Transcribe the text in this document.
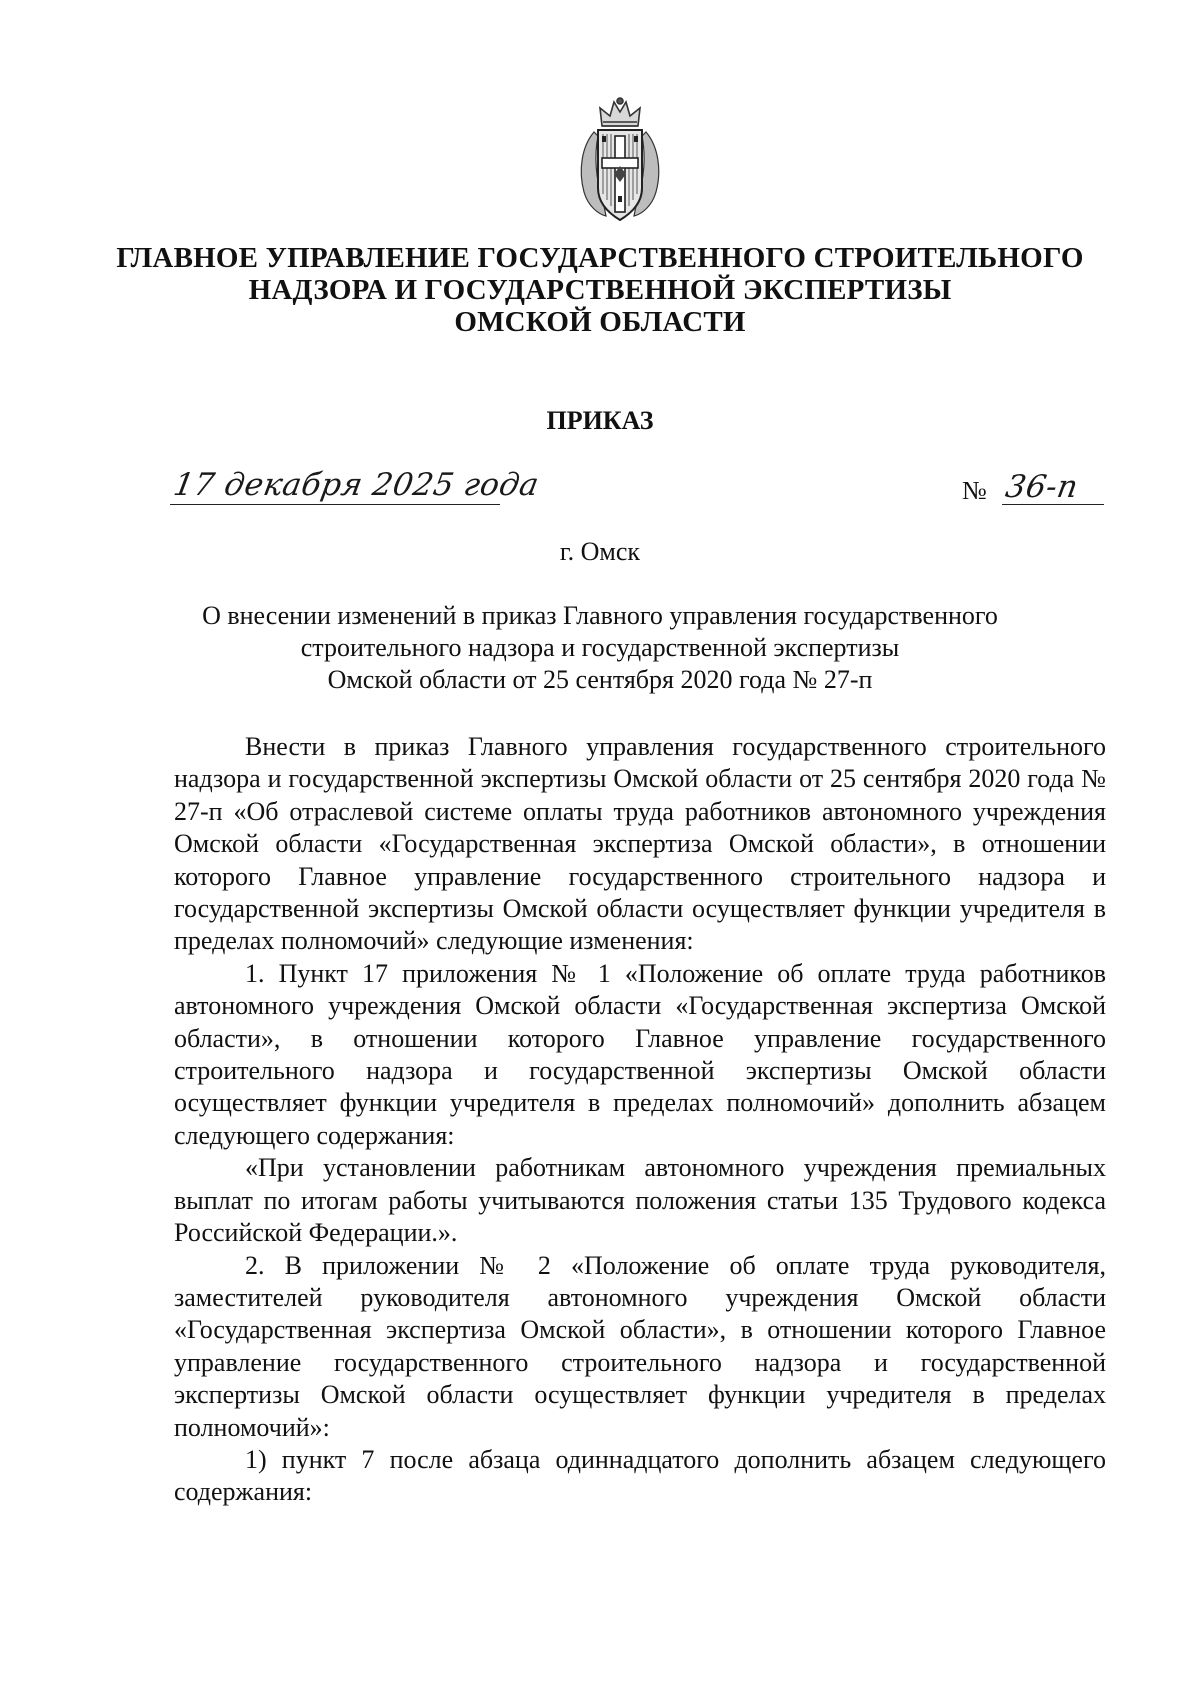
ГЛАВНОЕ УПРАВЛЕНИЕ ГОСУДАРСТВЕННОГО СТРОИТЕЛЬНОГО
НАДЗОРА И ГОСУДАРСТВЕННОЙ ЭКСПЕРТИЗЫ
ОМСКОЙ ОБЛАСТИ
ПРИКАЗ
17 декабря 2025 года	№ 36-п
г. Омск
О внесении изменений в приказ Главного управления государственного
строительного надзора и государственной экспертизы
Омской области от 25 сентября 2020 года № 27-п

Внести в приказ Главного управления государственного строительного надзора и государственной экспертизы Омской области от 25 сентября 2020 года № 27-п «Об отраслевой системе оплаты труда работников автономного учреждения Омской области «Государственная экспертиза Омской области», в отношении которого Главное управление государственного строительного надзора и государственной экспертизы Омской области осуществляет функции учредителя в пределах полномочий» следующие изменения:

1. Пункт 17 приложения № 1 «Положение об оплате труда работников автономного учреждения Омской области «Государственная экспертиза Омской области», в отношении которого Главное управление государственного строительного надзора и государственной экспертизы Омской области осуществляет функции учредителя в пределах полномочий» дополнить абзацем следующего содержания:

«При установлении работникам автономного учреждения премиальных выплат по итогам работы учитываются положения статьи 135 Трудового кодекса Российской Федерации.».

2. В приложении № 2 «Положение об оплате труда руководителя, заместителей руководителя автономного учреждения Омской области «Государственная экспертиза Омской области», в отношении которого Главное управление государственного строительного надзора и государственной экспертизы Омской области осуществляет функции учредителя в пределах полномочий»:

1) пункт 7 после абзаца одиннадцатого дополнить абзацем следующего содержания:
